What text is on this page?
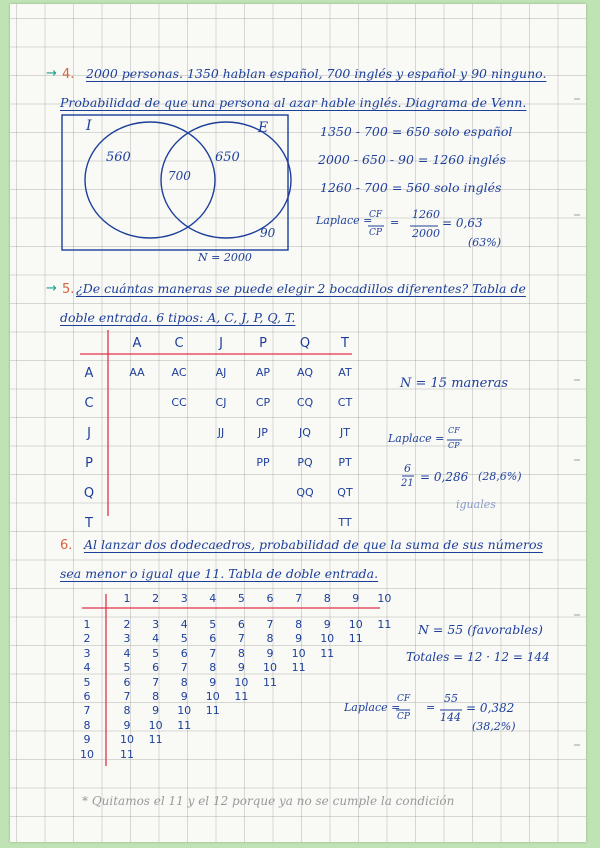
→ 4. 2000 personas. 1350 hablan español, 700 inglés y español y 90 ninguno.
Probabilidad de que una persona al azar hable inglés. Diagrama de Venn.
I	E
560
700
650
90
N = 2000
1350 - 700 = 650 solo español
2000 - 650 - 90 = 1260 inglés
1260 - 700 = 560 solo inglés
Laplace =
CF
CP
=
1260
2000
= 0,63
(63%)
→ 5. ¿De cuántas maneras se puede elegir 2 bocadillos diferentes? Tabla de
doble entrada. 6 tipos: A, C, J, P, Q, T.
A	C	J	P	Q	T
A	AA	AC	AJ	AP	AQ	AT
C	CC	CJ	CP	CQ	CT
J	JJ	JP	JQ	JT
P	PP	PQ	PT
Q	QQ	QT
T	TT
N = 15 maneras
Laplace =
CF
CP
6
21 = 0,286 (28,6%)
iguales
6. Al lanzar dos dodecaedros, probabilidad de que la suma de sus números
sea menor o igual que 11. Tabla de doble entrada.
1	2	3	4	5	6	7	8	9	10
1	2	3	4	5	6	7	8	9	10	11
2	3	4	5	6	7	8	9	10	11
3	4	5	6	7	8	9	10	11
4	5	6	7	8	9	10	11
5	6	7	8	9	10	11
6	7	8	9	10	11
7	8	9	10	11
8	9	10	11
9	10	11
10	11
N = 55 (favorables)
Totales = 12 · 12 = 144
Laplace =
CF
CP
=
55
144
= 0,382
(38,2%)
* Quitamos el 11 y el 12 porque ya no se cumple la condición
